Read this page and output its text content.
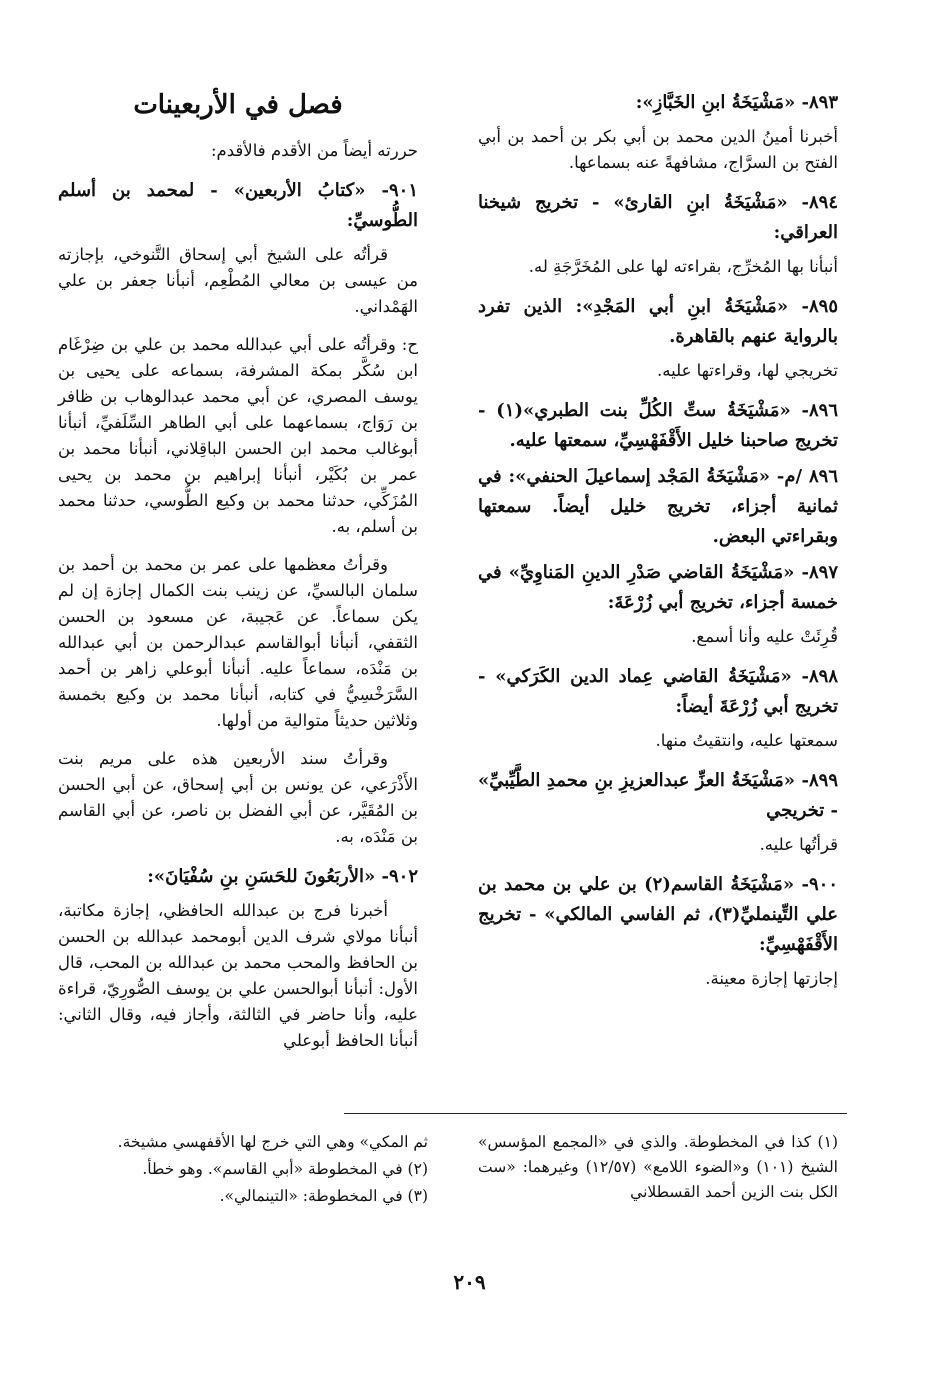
٨٩٣- «مَشْيَخَةُ ابنِ الخَبَّازِ»:
أخبرنا أمينُ الدين محمد بن أبي بكر بن أحمد بن أبي الفتح بن السرَّاج، مشافهةً عنه بسماعها.
٨٩٤- «مَشْيَخَةُ ابنِ القارئ» - تخريج شيخنا العراقي:
أنبأنا بها المُخرِّج، بقراءته لها على المُخَرَّجَةِ له.
٨٩٥- «مَشْيَخَةُ ابنِ أبي المَجْدِ»: الذين تفرد بالرواية عنهم بالقاهرة.
تخريجي لها، وقراءتها عليه.
٨٩٦- «مَشْيَخَةُ ستِّ الكُلِّ بنت الطبري»(١) - تخريج صاحبنا خليل الأَقْفَهْسِيِّ، سمعتها عليه.
٨٩٦ /م- «مَشْيَخَةُ المَجْد إسماعيلَ الحنفي»: في ثمانية أجزاء، تخريج خليل أيضاً. سمعتها وبقراءتي البعض.
٨٩٧- «مَشْيَخَةُ القاضي صَدْرِ الدينِ المَناوِيِّ» في خمسة أجزاء، تخريج أبي زُرْعَةَ:
قُرِئَتْ عليه وأنا أسمع.
٨٩٨- «مَشْيَخَةُ القاضي عِماد الدين الكَرَكي» - تخريج أبي زُرْعَةَ أيضاً:
سمعتها عليه، وانتقيتُ منها.
٨٩٩- «مَشْيَخَةُ العزِّ عبدالعزيزِ بنِ محمدِ الطَّيِّبيِّ» - تخريجي
قرأتُها عليه.
٩٠٠- «مَشْيَخَةُ القاسم(٢) بن علي بن محمد بن علي التِّينمليِّ(٣)، ثم الفاسي المالكي» - تخريج الأَقْفَهْسِيِّ:
إجازتها إجازة معينة.
فصل في الأربعينات
حررته أيضاً من الأقدم فالأقدم:
٩٠١- «كتابُ الأربعين» - لمحمد بن أسلم الطُّوسيِّ:
قرأتُه على الشيخ أبي إسحاق التَّنوخي، بإجازته من عيسى بن معالي المُطْعِم، أنبأنا جعفر بن علي الهَمْداني.
ح: وقرأتُه على أبي عبدالله محمد بن علي بن ضِرْغَام ابن سُكَّر بمكة المشرفة، بسماعه على يحيى بن يوسف المصري، عن أبي محمد عبدالوهاب بن ظافر بن رَوَاج، بسماعهما على أبي الطاهر السِّلَفيِّ، أنبأنا أبوغالب محمد ابن الحسن الباقِلاني، أنبأنا محمد بن عمر بن بُكَيْر، أنبأنا إبراهيم بن محمد بن يحيى المُزَكِّي، حدثنا محمد بن وكيع الطُّوسي، حدثنا محمد بن أسلم، به.
وقرأتُ معظمها على عمر بن محمد بن أحمد بن سلمان البالسيِّ، عن زينب بنت الكمال إجازة إن لم يكن سماعاً. عن عَجيبة، عن مسعود بن الحسن الثقفي، أنبأنا أبوالقاسم عبدالرحمن بن أبي عبدالله بن مَنْدَه، سماعاً عليه. أنبأنا أبوعلي زاهر بن أحمد السَّرَخْسِيُّ في كتابه، أنبأنا محمد بن وكيع بخمسة وثلاثين حديثاً متوالية من أولها.
وقرأتُ سند الأربعين هذه على مريم بنت الأَذْرَعي، عن يونس بن أبي إسحاق، عن أبي الحسن بن المُقَيَّر، عن أبي الفضل بن ناصر، عن أبي القاسم بن مَنْدَه، به.
٩٠٢- «الأربَعُونَ للحَسَنِ بنِ سُفْيَانَ»:
أخبرنا فرج بن عبدالله الحافظي، إجازة مكاتبة، أنبأنا مولاي شرف الدين أبومحمد عبدالله بن الحسن بن الحافظ والمحب محمد بن عبدالله بن المحب، قال الأول: أنبأنا أبوالحسن علي بن يوسف الصُّورِيّ، قراءة عليه، وأنا حاضر في الثالثة، وأجاز فيه، وقال الثاني: أنبأنا الحافظ أبوعلي
(١) كذا في المخطوطة. والذي في «المجمع المؤسس» الشيخ (١٠١) و«الضوء اللامع» (١٢/٥٧) وغيرهما: «ست الكل بنت الزين أحمد القسطلاني
ثم المكي» وهي التي خرج لها الأقفهسي مشيخة.
(٢) في المخطوطة «أبي القاسم». وهو خطأ.
(٣) في المخطوطة: «التينمالي».
٢٠٩
